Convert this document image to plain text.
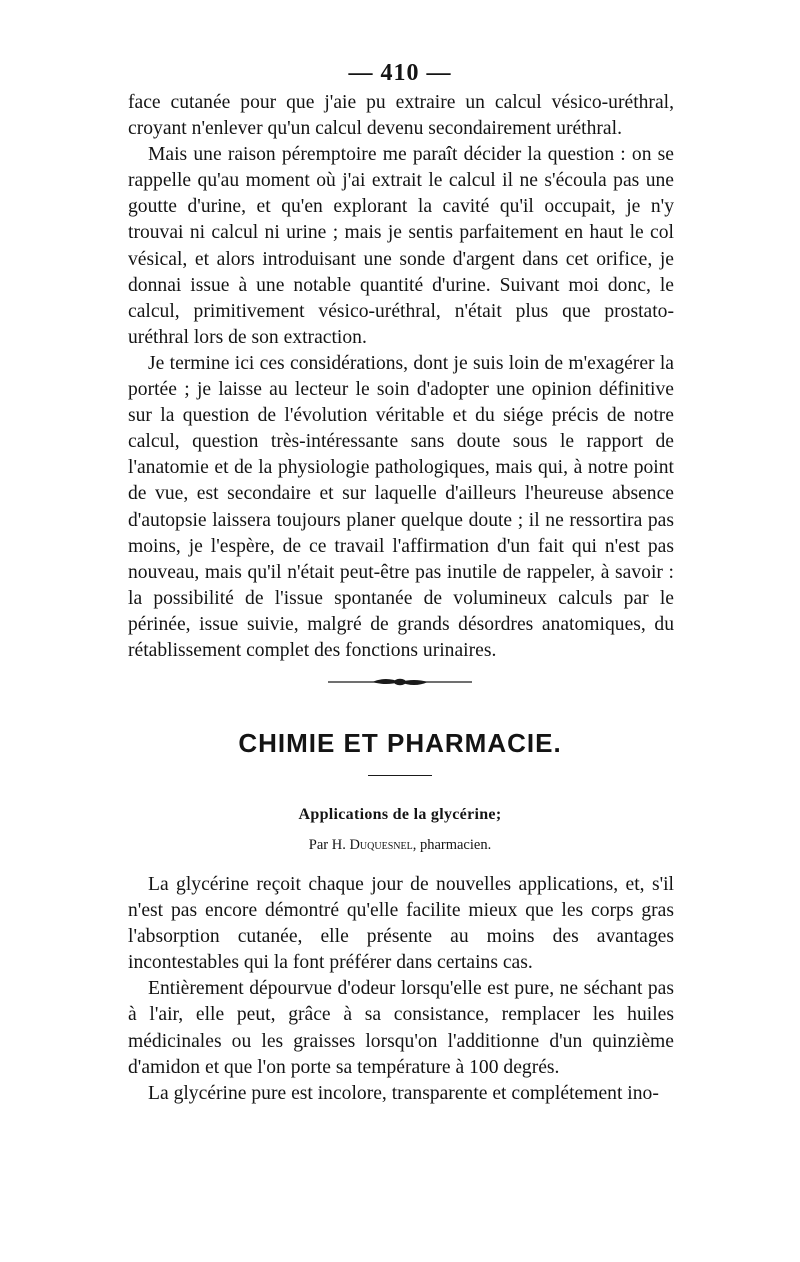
— 410 —

face cutanée pour que j'aie pu extraire un calcul vésico-uréthral, croyant n'enlever qu'un calcul devenu secondairement uréthral.

Mais une raison péremptoire me paraît décider la question : on se rappelle qu'au moment où j'ai extrait le calcul il ne s'écoula pas une goutte d'urine, et qu'en explorant la cavité qu'il occupait, je n'y trouvai ni calcul ni urine ; mais je sentis parfaitement en haut le col vésical, et alors introduisant une sonde d'argent dans cet orifice, je donnai issue à une notable quantité d'urine. Suivant moi donc, le calcul, primitivement vésico-uréthral, n'était plus que prostato-uréthral lors de son extraction.

Je termine ici ces considérations, dont je suis loin de m'exagérer la portée ; je laisse au lecteur le soin d'adopter une opinion définitive sur la question de l'évolution véritable et du siége précis de notre calcul, question très-intéressante sans doute sous le rapport de l'anatomie et de la physiologie pathologiques, mais qui, à notre point de vue, est secondaire et sur laquelle d'ailleurs l'heureuse absence d'autopsie laissera toujours planer quelque doute ; il ne ressortira pas moins, je l'espère, de ce travail l'affirmation d'un fait qui n'est pas nouveau, mais qu'il n'était peut-être pas inutile de rappeler, à savoir : la possibilité de l'issue spontanée de volumineux calculs par le périnée, issue suivie, malgré de grands désordres anatomiques, du rétablissement complet des fonctions urinaires.

CHIMIE ET PHARMACIE.
Applications de la glycérine;
Par H. Duquesnel, pharmacien.

La glycérine reçoit chaque jour de nouvelles applications, et, s'il n'est pas encore démontré qu'elle facilite mieux que les corps gras l'absorption cutanée, elle présente au moins des avantages incontestables qui la font préférer dans certains cas.

Entièrement dépourvue d'odeur lorsqu'elle est pure, ne séchant pas à l'air, elle peut, grâce à sa consistance, remplacer les huiles médicinales ou les graisses lorsqu'on l'additionne d'un quinzième d'amidon et que l'on porte sa température à 100 degrés.

La glycérine pure est incolore, transparente et complétement ino-
